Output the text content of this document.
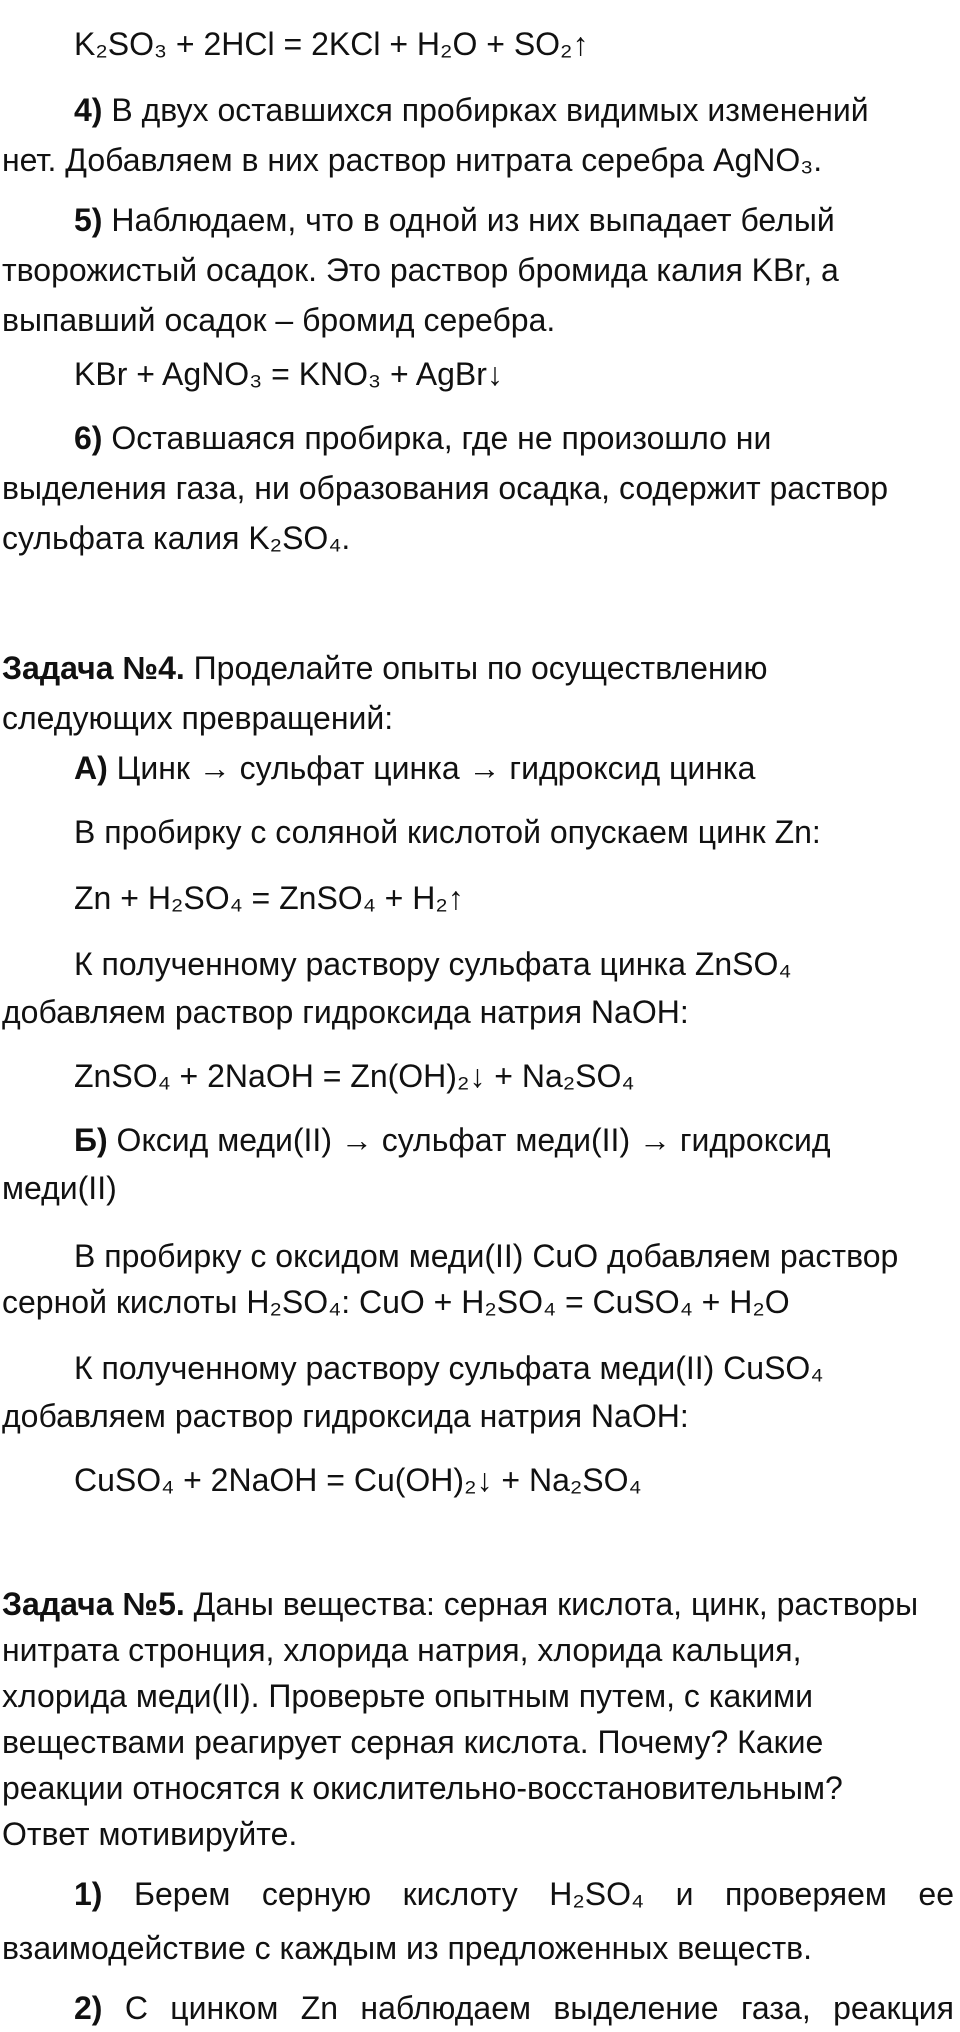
K₂SO₃ + 2HCl = 2KCl + H₂O + SO₂↑
4) В двух оставшихся пробирках видимых изменений
нет. Добавляем в них раствор нитрата серебра AgNO₃.
5) Наблюдаем, что в одной из них выпадает белый
творожистый осадок. Это раствор бромида калия KBr, а
выпавший осадок – бромид серебра.
KBr + AgNO₃ = KNO₃ + AgBr↓
6) Оставшаяся пробирка, где не произошло ни
выделения газа, ни образования осадка, содержит раствор
сульфата калия K₂SO₄.
Задача №4. Проделайте опыты по осуществлению
следующих превращений:
А) Цинк → сульфат цинка → гидроксид цинка
В пробирку с соляной кислотой опускаем цинк Zn:
Zn + H₂SO₄ = ZnSO₄ + H₂↑
К полученному раствору сульфата цинка ZnSO₄
добавляем раствор гидроксида натрия NaOH:
ZnSO₄ + 2NaOH = Zn(OH)₂↓ + Na₂SO₄
Б) Оксид меди(II) → сульфат меди(II) → гидроксид
меди(II)
В пробирку с оксидом меди(II) CuO добавляем раствор
серной кислоты H₂SO₄: CuO + H₂SO₄ = CuSO₄ + H₂O
К полученному раствору сульфата меди(II) CuSO₄
добавляем раствор гидроксида натрия NaOH:
CuSO₄ + 2NaOH = Cu(OH)₂↓ + Na₂SO₄
Задача №5. Даны вещества: серная кислота, цинк, растворы
нитрата стронция, хлорида натрия, хлорида кальция,
хлорида меди(II). Проверьте опытным путем, с какими
веществами реагирует серная кислота. Почему? Какие
реакции относятся к окислительно-восстановительным?
Ответ мотивируйте.
1) Берем серную кислоту H₂SO₄ и проверяем ее
взаимодействие с каждым из предложенных веществ.
2) С цинком Zn наблюдаем выделение газа, реакция
